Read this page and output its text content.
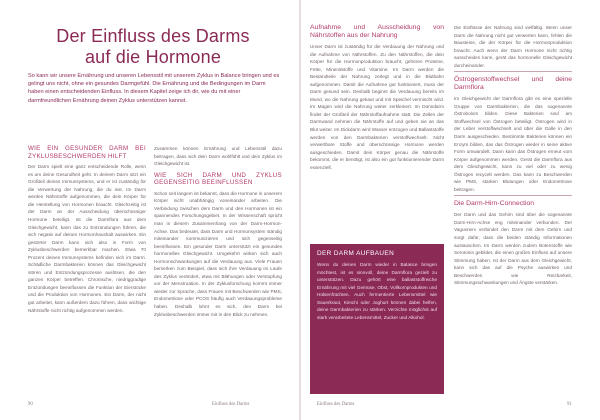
Der Einfluss des Darms
auf die Hormone
So kann wir unsere Ernährung und unseren Lebensstil mit unserem Zyklus in Balance bringen und es gelingt uns nicht, ohne ein gesundes Darmgefühl. Die Ernährung und die Bedingungen im Darm haben einen entscheidenden Einfluss. In diesem Kapitel zeige ich dir, wie du mit einer darmfreundlichen Ernährung deinen Zyklus unterstützen kannst.
WIE EIN GESUNDER DARM BEI ZYKLUSBESCHWERDEN HILFT
Der Darm spielt eine ganz entscheidende Rolle, wenn es um deine Gesundheit geht. In deinem Darm sitzt ein Großteil deines Immunsystems, und er ist zuständig für die Verwertung der Nahrung, die du isst. Im Darm werden Nährstoffe aufgenommen, die dein Körper für die Herstellung von Hormonen braucht. Gleichzeitig ist der Darm an der Ausscheidung überschüssiger Hormone beteiligt. Ist die Darmflora aus dem Gleichgewicht, kann das zu Entzündungen führen, die sich negativ auf deinen Hormonhaushalt auswirken. Ein gestörter Darm kann sich also in Form von Zyklusbeschwerden bemerkbar machen. Etwa 70 Prozent deines Immunsystems befinden sich im Darm. Schädliche Darmbakterien können das Gleichgewicht stören und Entzündungsprozesse auslösen, die den ganzen Körper betreffen. Chronische, niedriggradige Entzündungen beeinflussen die Funktion der Eierstöcke und die Produktion von Hormonen. Ein Darm, der nicht gut arbeitet, kann außerdem dazu führen, dass wichtige Nährstoffe nicht richtig aufgenommen werden.
Zusammen können Ernährung und Lebensstil dazu beitragen, dass sich dein Darm wohlfühlt und dein Zyklus im Gleichgewicht ist.
WIE SICH DARM UND ZYKLUS GEGENSEITIG BEEINFLUSSEN
Schon seit langem ist bekannt, dass die Hormone in unserem Körper nicht unabhängig voneinander arbeiten. Die Verbindung zwischen dem Darm und den Hormonen ist ein spannendes Forschungsgebiet. In der Wissenschaft spricht man in diesem Zusammenhang von der Darm-Hormon-Achse. Das bedeutet, dass Darm und Hormonsystem ständig miteinander kommunizieren und sich gegenseitig beeinflussen. Ein gesunder Darm unterstützt ein gesundes hormonelles Gleichgewicht. Umgekehrt wirken sich auch Hormonschwankungen auf die Verdauung aus. Viele Frauen bemerken zum Beispiel, dass sich ihre Verdauung im Laufe des Zyklus verändert, etwa mit Blähungen oder Verstopfung vor der Menstruation. In der Zyklusforschung kommt immer wieder zur Sprache, dass Frauen mit Beschwerden wie PMS, Endometriose oder PCOS häufig auch Verdauungsprobleme haben. Deshalb lohnt es sich, den Darm bei Zyklusbeschwerden immer mit in den Blick zu nehmen.
90	Einfluss des Darms	Einfluss des Darms	91
Aufnahme und Ausscheidung von Nährstoffen aus der Nahrung
Unser Darm ist zuständig für die Verdauung der Nahrung und die Aufnahme von Nährstoffen. Zu den Nährstoffen, die dein Körper für die Hormonproduktion braucht, gehören Proteine, Fette, Mineralstoffe und Vitamine. Im Darm werden die Bestandteile der Nahrung zerlegt und in die Blutbahn aufgenommen. Damit die Aufnahme gut funktioniert, muss der Darm gesund sein. Deshalb beginnt die Verdauung bereits im Mund, wo die Nahrung gekaut und mit Speichel vermischt wird. Im Magen wird die Nahrung weiter zerkleinert. Im Dünndarm findet der Großteil der Nährstoffaufnahme statt. Die Zellen der Darmwand nehmen die Nährstoffe auf und geben sie an das Blut weiter. Im Dickdarm wird Wasser entzogen und Ballaststoffe werden von den Darmbakterien verstoffwechselt. Nicht verwertbare Stoffe und überschüssige Hormone werden ausgeschieden. Damit dein Körper genau die Nährstoffe bekommt, die er benötigt, ist also ein gut funktionierender Darm essenziell.
DER DARM AUFBAUEN
Wenn du deinen Darm wieder in Balance bringen möchtest, ist es sinnvoll, deine Darmflora gezielt zu unterstützen. Dazu gehört eine ballaststoffreiche Ernährung mit viel Gemüse, Obst, Vollkornprodukten und Hülsenfrüchten. Auch fermentierte Lebensmittel wie Sauerkraut, Kimchi oder Joghurt können dabei helfen, deine Darmbakterien zu stärken. Verzichte möglichst auf stark verarbeitete Lebensmittel, Zucker und Alkohol.
Die Einflüsse der Nahrung sind vielfältig. Wenn unser Darm die Nahrung nicht gut verwerten kann, fehlen die Bausteine, die der Körper für die Hormonproduktion braucht. Auch wenn der Darm Hormone nicht richtig ausscheiden kann, gerät das hormonelle Gleichgewicht durcheinander.
Östrogenstoffwechsel und deine Darmflora
Im Gleichgewicht der Darmflora gibt es eine spezielle Gruppe von Darmbakterien, die das sogenannte Östrobolom bilden. Diese Bakterien sind am Stoffwechsel von Östrogen beteiligt. Östrogen wird in der Leber verstoffwechselt und über die Galle in den Darm ausgeschieden. Bestimmte Bakterien können ein Enzym bilden, das das Östrogen wieder in seine aktive Form umwandelt. Dann kann das Östrogen erneut vom Körper aufgenommen werden. Gerät die Darmflora aus dem Gleichgewicht, kann zu viel oder zu wenig Östrogen recycelt werden. Das kann zu Beschwerden wie PMS, starken Blutungen oder Endometriose beitragen.
Die Darm-Hirn-Connection
Der Darm und das Gehirn sind über die sogenannte Darm-Hirn-Achse eng miteinander verbunden. Der Vagusnerv verbindet den Darm mit dem Gehirn und sorgt dafür, dass die beiden ständig Informationen austauschen. Im Darm werden zudem Botenstoffe wie Serotonin gebildet, die einen großen Einfluss auf unsere Stimmung haben. Ist der Darm aus dem Gleichgewicht, kann sich das auf die Psyche auswirken und Beschwerden wie Reizbarkeit, Stimmungsschwankungen und Ängste verstärken.
